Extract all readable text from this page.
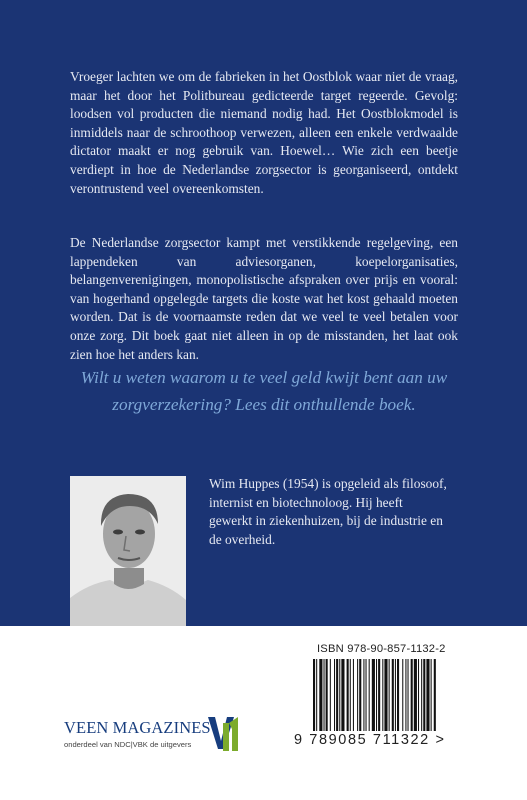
Vroeger lachten we om de fabrieken in het Oostblok waar niet de vraag, maar het door het Politbureau gedicteerde target regeerde. Gevolg: loodsen vol producten die niemand nodig had. Het Oostblokmodel is inmiddels naar de schroothoop verwezen, alleen een enkele verdwaalde dictator maakt er nog gebruik van. Hoewel… Wie zich een beetje verdiept in hoe de Nederlandse zorgsector is georganiseerd, ontdekt verontrustend veel overeenkomsten.

De Nederlandse zorgsector kampt met verstikkende regelgeving, een lappendeken van adviesorganen, koepelorganisaties, belangenverenigingen, monopolistische afspraken over prijs en vooral: van hogerhand opgelegde targets die koste wat het kost gehaald moeten worden. Dat is de voornaamste reden dat we veel te veel betalen voor onze zorg. Dit boek gaat niet alleen in op de misstanden, het laat ook zien hoe het anders kan.

Wilt u weten waarom u te veel geld kwijt bent aan uw zorgverzekering? Lees dit onthullende boek.

Wim Huppes (1954) is opgeleid als filosoof, internist en biotechnoloog. Hij heeft gewerkt in ziekenhuizen, bij de industrie en de overheid.

ISBN 978-90-857-1132-2
9 789085 711322 >
VEEN MAGAZINES
onderdeel van NDC|VBK de uitgevers
